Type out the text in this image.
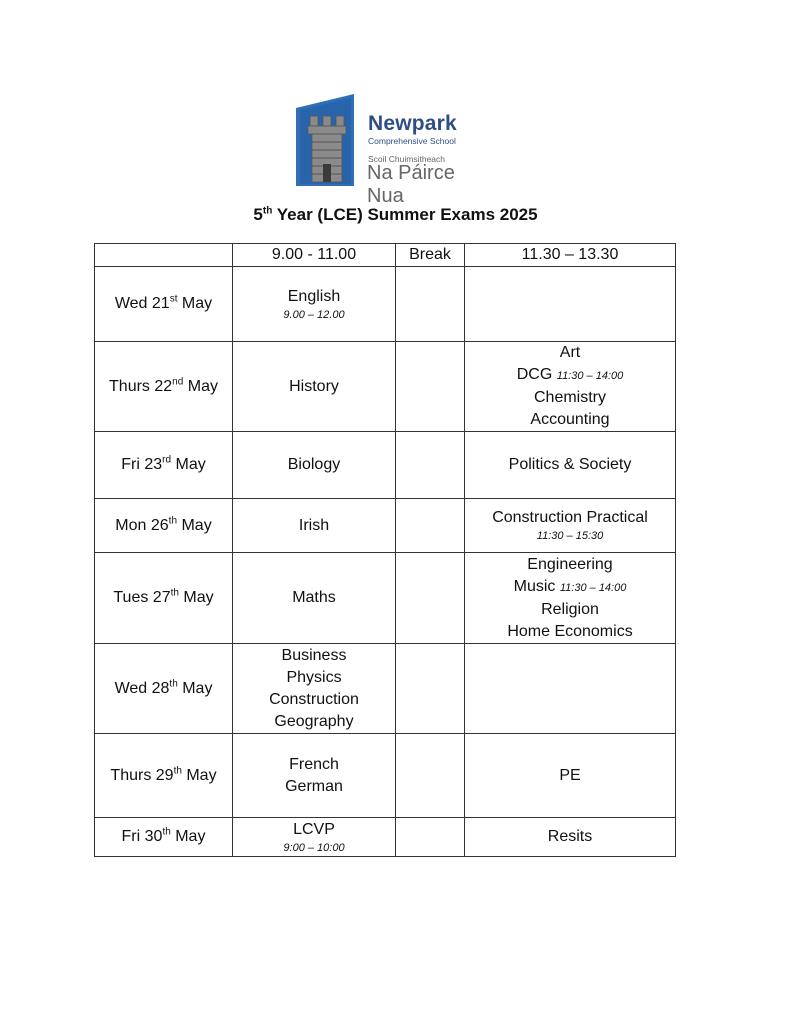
Newpark
Comprehensive School
Scoil Chuimsitheach
Na Páirce Nua
5th Year (LCE) Summer Exams 2025
	9.00 - 11.00	Break	11.30 – 13.30
Wed 21st May	English
9.00 – 12.00		

Thurs 22nd May	History		Art
DCG 11:30 – 14:00
Chemistry
Accounting

Fri 23rd May	Biology		Politics & Society
Mon 26th May	Irish		Construction Practical
11:30 – 15:30

Tues 27th May	Maths		Engineering
Music 11:30 – 14:00
Religion
Home Economics

Wed 28th May	Business
Physics
Construction
Geography		

Thurs 29th May	French
German		PE
Fri 30th May	LCVP
9:00 – 10:00		Resits
